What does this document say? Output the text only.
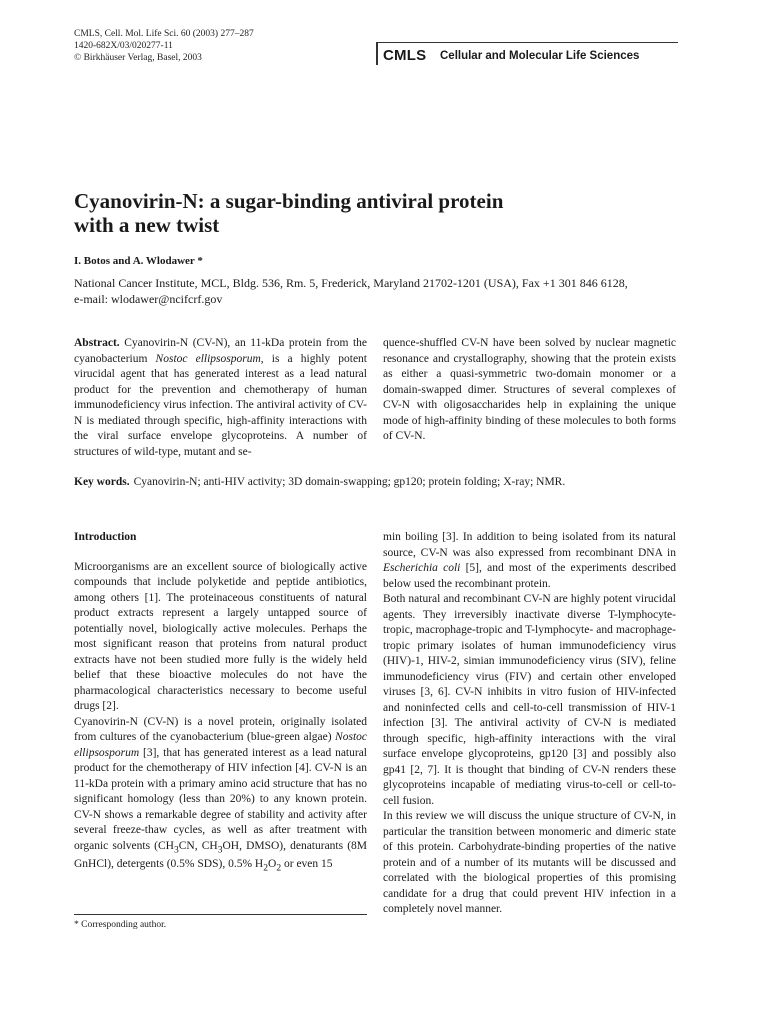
CMLS, Cell. Mol. Life Sci. 60 (2003) 277–287
1420-682X/03/020277-11
© Birkhäuser Verlag, Basel, 2003	CMLS Cellular and Molecular Life Sciences
Cyanovirin-N: a sugar-binding antiviral protein
with a new twist
I. Botos and A. Wlodawer *
National Cancer Institute, MCL, Bldg. 536, Rm. 5, Frederick, Maryland 21702-1201 (USA), Fax +1 301 846 6128,
e-mail: wlodawer@ncifcrf.gov

Abstract. Cyanovirin-N (CV-N), an 11-kDa protein from the cyanobacterium Nostoc ellipsosporum, is a highly potent virucidal agent that has generated interest as a lead natural product for the prevention and chemotherapy of human immunodeficiency virus infection. The antiviral activity of CV-N is mediated through specific, high-affinity interactions with the viral surface envelope glycoproteins. A number of structures of wild-type, mutant and se-

quence-shuffled CV-N have been solved by nuclear magnetic resonance and crystallography, showing that the protein exists as either a quasi-symmetric two-domain monomer or a domain-swapped dimer. Structures of several complexes of CV-N with oligosaccharides help in explaining the unique mode of high-affinity binding of these molecules to both forms of CV-N.

Key words. Cyanovirin-N; anti-HIV activity; 3D domain-swapping; gp120; protein folding; X-ray; NMR.

Introduction

Microorganisms are an excellent source of biologically active compounds that include polyketide and peptide antibiotics, among others [1]. The proteinaceous constituents of natural product extracts represent a largely untapped source of potentially novel, biologically active molecules. Perhaps the most significant reason that proteins from natural product extracts have not been studied more fully is the widely held belief that these bioactive molecules do not have the pharmacological characteristics necessary to become useful drugs [2].

Cyanovirin-N (CV-N) is a novel protein, originally isolated from cultures of the cyanobacterium (blue-green algae) Nostoc ellipsosporum [3], that has generated interest as a lead natural product for the chemotherapy of HIV infection [4]. CV-N is an 11-kDa protein with a primary amino acid structure that has no significant homology (less than 20%) to any known protein. CV-N shows a remarkable degree of stability and activity after several freeze-thaw cycles, as well as after treatment with organic solvents ($CH_3CN$, $CH_3OH$, DMSO), denaturants (8M GnHCl), detergents (0.5% SDS), 0.5% $H_2O_2$ or even 15

min boiling [3]. In addition to being isolated from its natural source, CV-N was also expressed from recombinant DNA in Escherichia coli [5], and most of the experiments described below used the recombinant protein.

Both natural and recombinant CV-N are highly potent virucidal agents. They irreversibly inactivate diverse T-lymphocyte-tropic, macrophage-tropic and T-lymphocyte- and macrophage-tropic primary isolates of human immunodeficiency virus (HIV)-1, HIV-2, simian immunodeficiency virus (SIV), feline immunodeficiency virus (FIV) and certain other enveloped viruses [3, 6]. CV-N inhibits in vitro fusion of HIV-infected and noninfected cells and cell-to-cell transmission of HIV-1 infection [3]. The antiviral activity of CV-N is mediated through specific, high-affinity interactions with the viral surface envelope glycoproteins, gp120 [3] and possibly also gp41 [2, 7]. It is thought that binding of CV-N renders these glycoproteins incapable of mediating virus-to-cell or cell-to-cell fusion.

In this review we will discuss the unique structure of CV-N, in particular the transition between monomeric and dimeric state of this protein. Carbohydrate-binding properties of the native protein and of a number of its mutants will be discussed and correlated with the biological properties of this promising candidate for a drug that could prevent HIV infection in a completely novel manner.

* Corresponding author.
